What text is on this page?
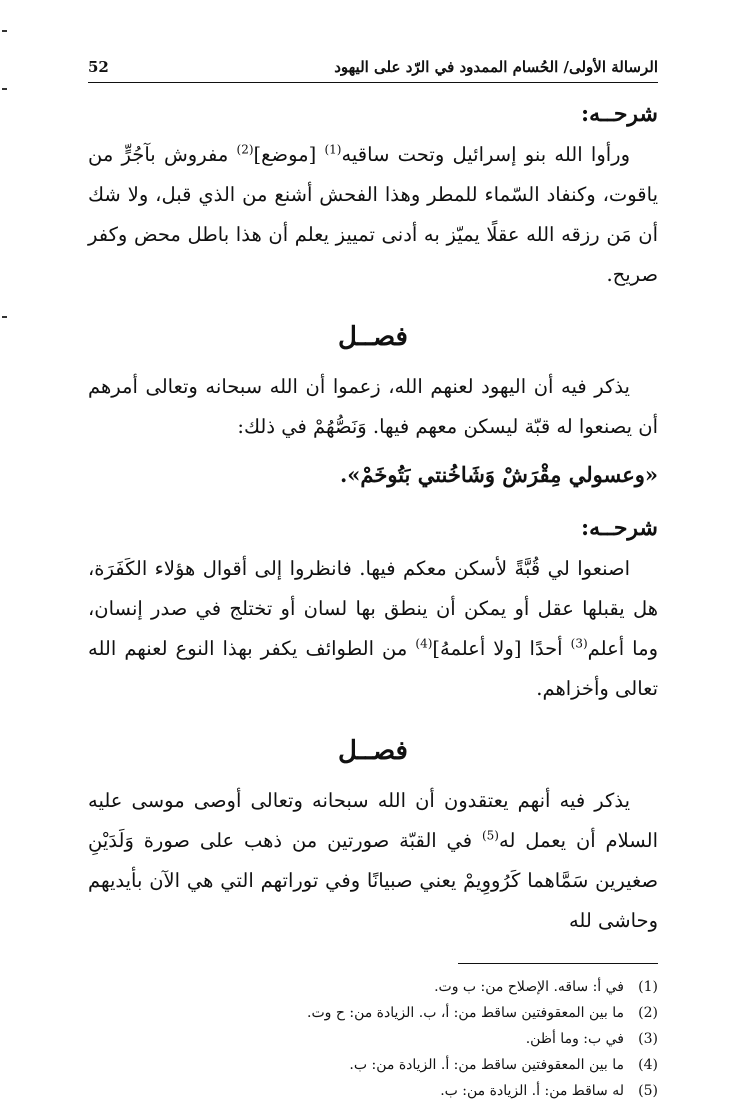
الرسالة الأولى/ الحُسام الممدود في الرّد على اليهود
52
شرحــه:

ورأوا الله بنو إسرائيل وتحت ساقيه$^{(1)}$ [موضع]$^{(2)}$ مفروش بآجُرٍّ من ياقوت، وكنفاد السّماء للمطر وهذا الفحش أشنع من الذي قبل، ولا شك أن مَن رزقه الله عقلًا يميّز به أدنى تمييز يعلم أن هذا باطل محض وكفر صريح.

فصــل

يذكر فيه أن اليهود لعنهم الله، زعموا أن الله سبحانه وتعالى أمرهم أن يصنعوا له قبّة ليسكن معهم فيها. وَنَصُّهُمْ في ذلك:

«وعسولي مِقْرَشْ وَشَاخُنتي بَتُوخَمْ».
شرحــه:

اصنعوا لي قُبَّةً لأسكن معكم فيها. فانظروا إلى أقوال هؤلاء الكَفَرَة، هل يقبلها عقل أو يمكن أن ينطق بها لسان أو تختلج في صدر إنسان، وما أعلم$^{(3)}$ أحدًا [ولا أعلمهُ]$^{(4)}$ من الطوائف يكفر بهذا النوع لعنهم الله تعالى وأخزاهم.

فصــل

يذكر فيه أنهم يعتقدون أن الله سبحانه وتعالى أوصى موسى عليه السلام أن يعمل له$^{(5)}$ في القبّة صورتين من ذهب على صورة وَلَدَيْنِ صغيرين سَمَّاهما كَرُووِيمْ يعني صبيانًا وفي توراتهم التي هي الآن بأيديهم وحاشى لله

(1)
في أ: ساقه. الإصلاح من: ب وت.
(2)
ما بين المعقوفتين ساقط من: أ، ب. الزيادة من: ح وت.
(3)
في ب: وما أظن.
(4)
ما بين المعقوفتين ساقط من: أ. الزيادة من: ب.
(5)
له ساقط من: أ. الزيادة من: ب.
